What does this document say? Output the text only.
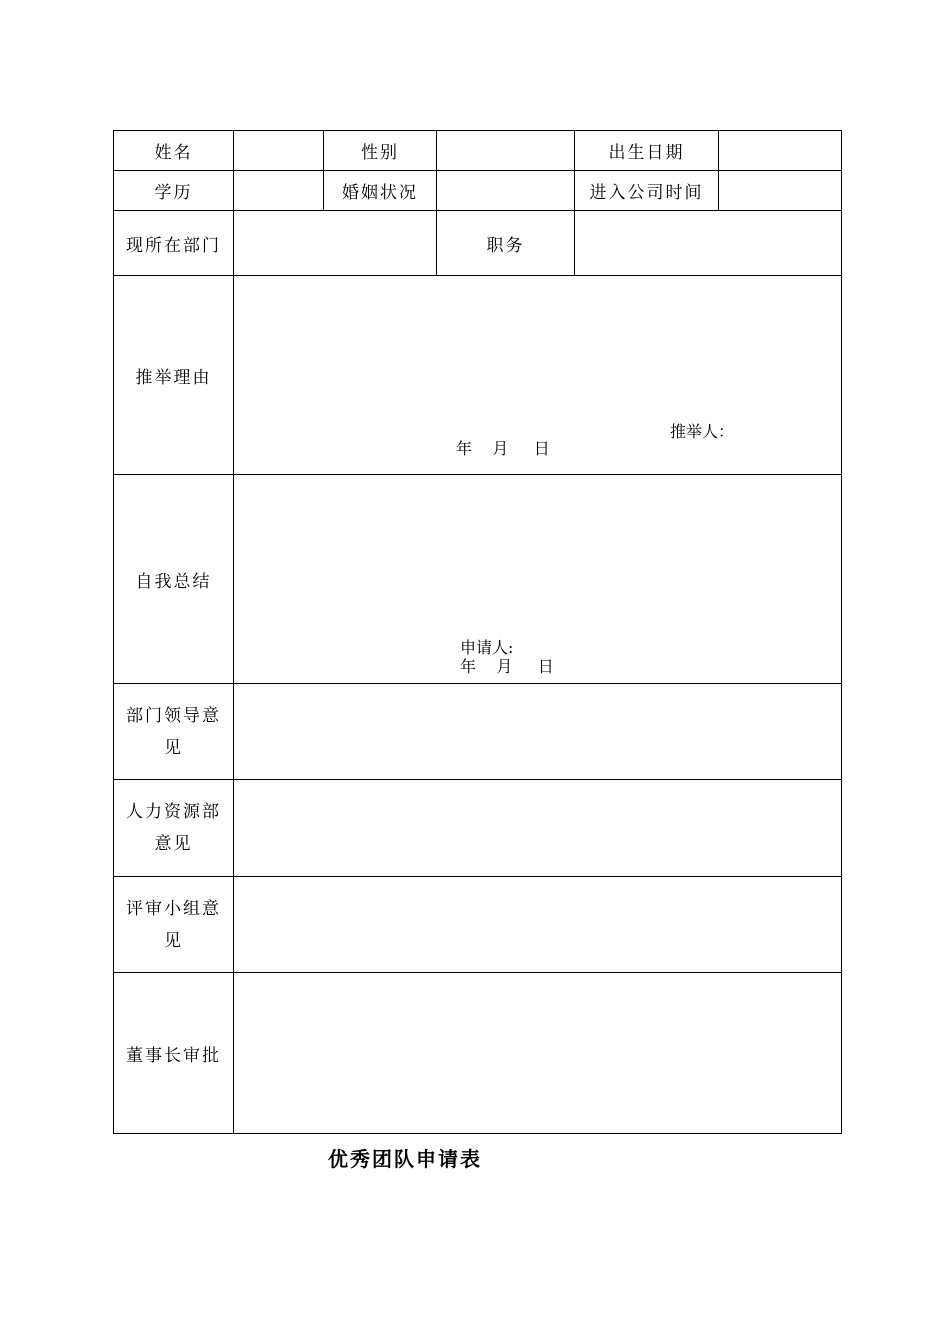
姓名		性别		出生日期	
学历		婚姻状况		进入公司时间	
现所在部门			职务		
推举理由	推举人：
年    月     日				

自我总结	申请人:
年    月     日				

部门领导意
见					
人力资源部
意见					
评审小组意
见					
董事长审批					
优秀团队申请表
